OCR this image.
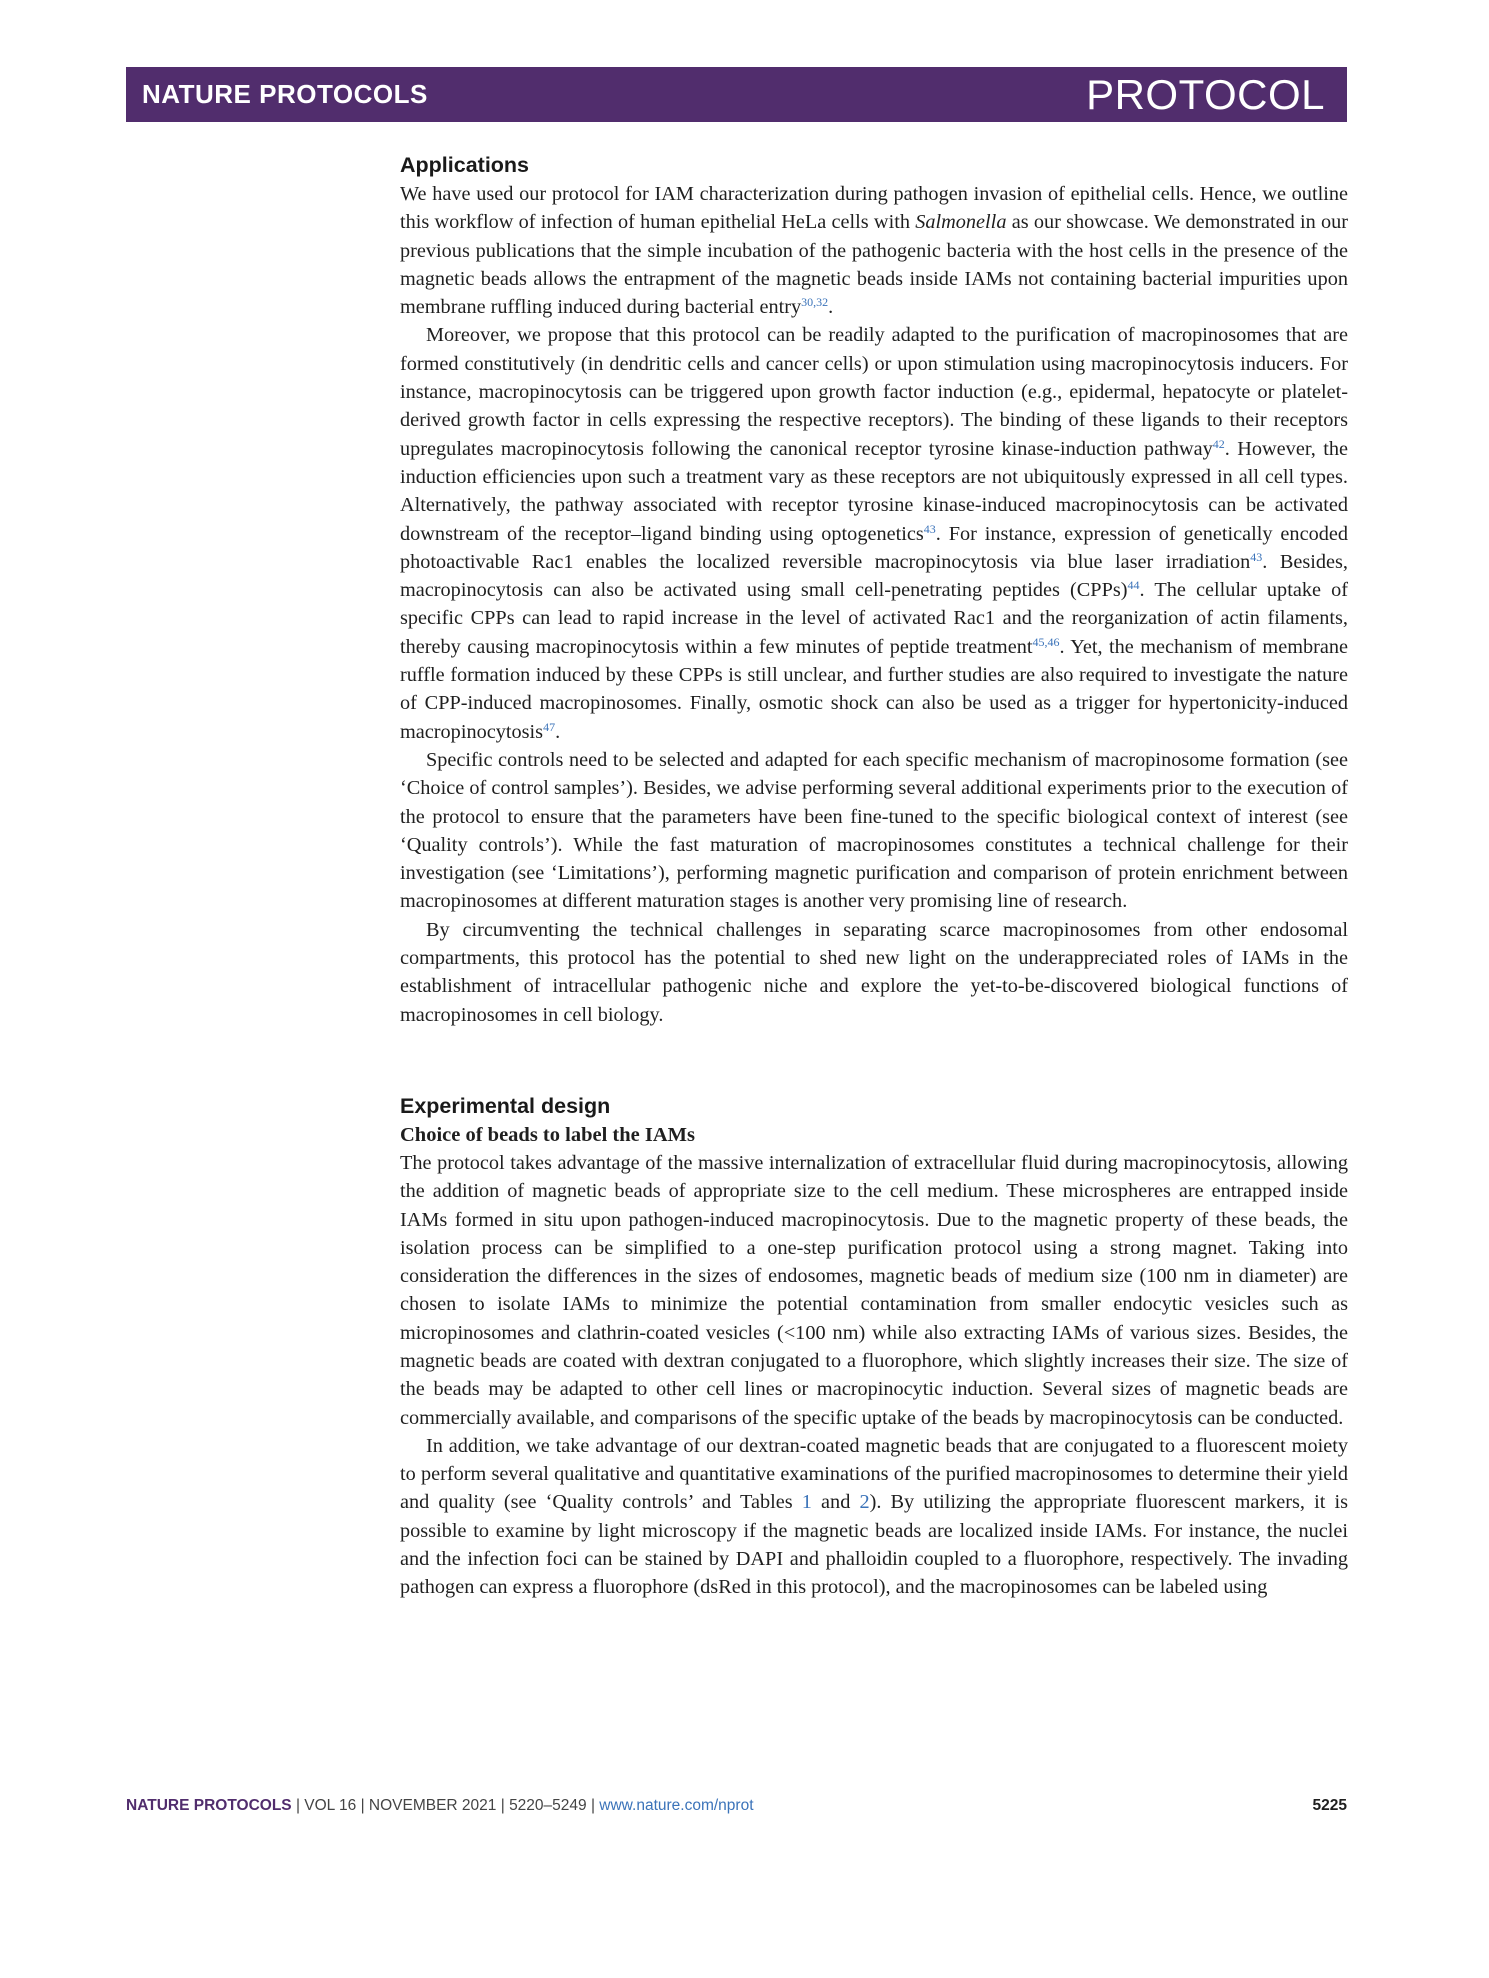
NATURE PROTOCOLS	PROTOCOL
Applications

We have used our protocol for IAM characterization during pathogen invasion of epithelial cells. Hence, we outline this workflow of infection of human epithelial HeLa cells with Salmonella as our showcase. We demonstrated in our previous publications that the simple incubation of the pathogenic bacteria with the host cells in the presence of the magnetic beads allows the entrapment of the magnetic beads inside IAMs not containing bacterial impurities upon membrane ruffling induced during bacterial entry$^{30,32}$.

Moreover, we propose that this protocol can be readily adapted to the purification of macropinosomes that are formed constitutively (in dendritic cells and cancer cells) or upon stimulation using macropinocytosis inducers. For instance, macropinocytosis can be triggered upon growth factor induction (e.g., epidermal, hepatocyte or platelet-derived growth factor in cells expressing the respective receptors). The binding of these ligands to their receptors upregulates macropinocytosis following the canonical receptor tyrosine kinase-induction pathway$^{42}$. However, the induction efficiencies upon such a treatment vary as these receptors are not ubiquitously expressed in all cell types. Alternatively, the pathway associated with receptor tyrosine kinase-induced macropinocytosis can be activated downstream of the receptor–ligand binding using optogenetics$^{43}$. For instance, expression of genetically encoded photoactivable Rac1 enables the localized reversible macropinocytosis via blue laser irradiation$^{43}$. Besides, macropinocytosis can also be activated using small cell-penetrating peptides (CPPs)$^{44}$. The cellular uptake of specific CPPs can lead to rapid increase in the level of activated Rac1 and the reorganization of actin filaments, thereby causing macropinocytosis within a few minutes of peptide treatment$^{45,46}$. Yet, the mechanism of membrane ruffle formation induced by these CPPs is still unclear, and further studies are also required to investigate the nature of CPP-induced macropinosomes. Finally, osmotic shock can also be used as a trigger for hypertonicity-induced macropinocytosis$^{47}$.

Specific controls need to be selected and adapted for each specific mechanism of macropinosome formation (see ‘Choice of control samples’). Besides, we advise performing several additional experiments prior to the execution of the protocol to ensure that the parameters have been fine-tuned to the specific biological context of interest (see ‘Quality controls’). While the fast maturation of macropinosomes constitutes a technical challenge for their investigation (see ‘Limitations’), performing magnetic purification and comparison of protein enrichment between macropinosomes at different maturation stages is another very promising line of research.

By circumventing the technical challenges in separating scarce macropinosomes from other endosomal compartments, this protocol has the potential to shed new light on the underappreciated roles of IAMs in the establishment of intracellular pathogenic niche and explore the yet-to-be-discovered biological functions of macropinosomes in cell biology.

Experimental design
Choice of beads to label the IAMs

The protocol takes advantage of the massive internalization of extracellular fluid during macropinocytosis, allowing the addition of magnetic beads of appropriate size to the cell medium. These microspheres are entrapped inside IAMs formed in situ upon pathogen-induced macropinocytosis. Due to the magnetic property of these beads, the isolation process can be simplified to a one-step purification protocol using a strong magnet. Taking into consideration the differences in the sizes of endosomes, magnetic beads of medium size (100 nm in diameter) are chosen to isolate IAMs to minimize the potential contamination from smaller endocytic vesicles such as micropinosomes and clathrin-coated vesicles (<100 nm) while also extracting IAMs of various sizes. Besides, the magnetic beads are coated with dextran conjugated to a fluorophore, which slightly increases their size. The size of the beads may be adapted to other cell lines or macropinocytic induction. Several sizes of magnetic beads are commercially available, and comparisons of the specific uptake of the beads by macropinocytosis can be conducted.

In addition, we take advantage of our dextran-coated magnetic beads that are conjugated to a fluorescent moiety to perform several qualitative and quantitative examinations of the purified macropinosomes to determine their yield and quality (see ‘Quality controls’ and Tables 1 and 2). By utilizing the appropriate fluorescent markers, it is possible to examine by light microscopy if the magnetic beads are localized inside IAMs. For instance, the nuclei and the infection foci can be stained by DAPI and phalloidin coupled to a fluorophore, respectively. The invading pathogen can express a fluorophore (dsRed in this protocol), and the macropinosomes can be labeled using

NATURE PROTOCOLS | VOL 16 | NOVEMBER 2021 | 5220–5249 | www.nature.com/nprot	5225
